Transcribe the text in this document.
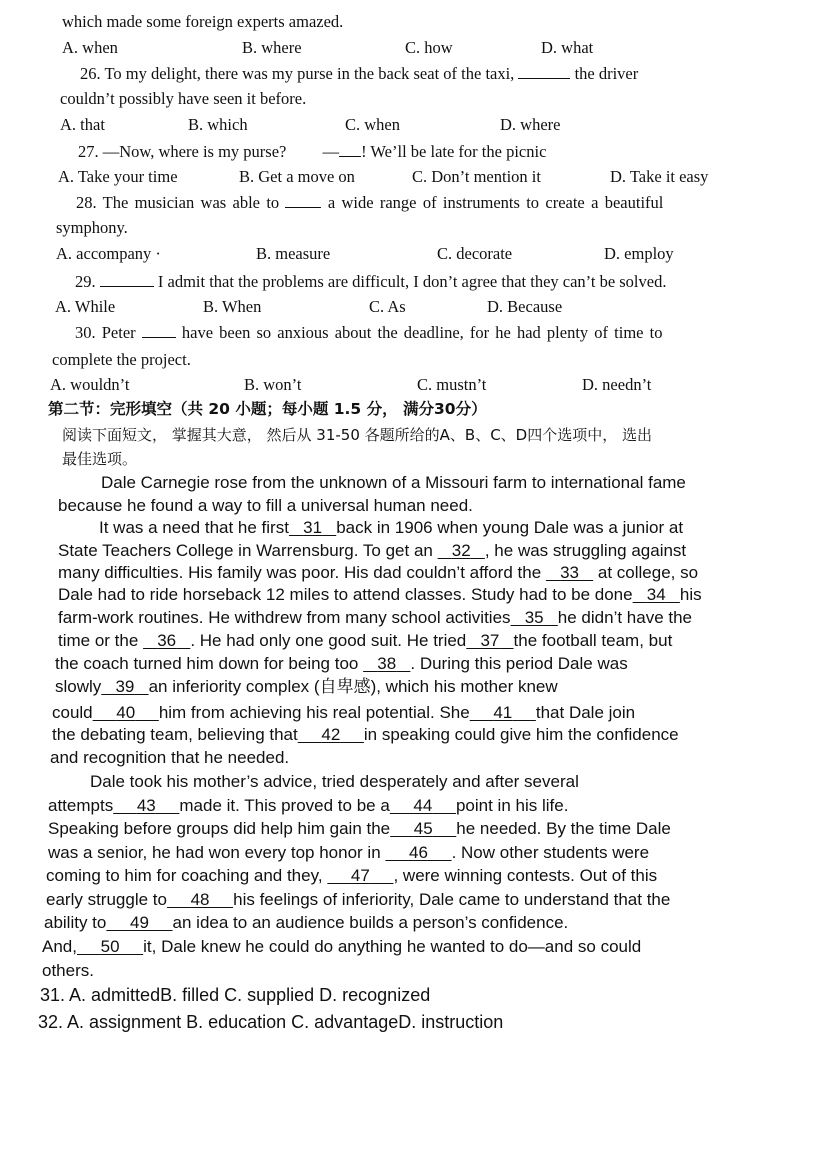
which made some foreign experts amazed.
A. when	B. where	C. how	D. what
26. To my delight, there was my purse in the back seat of the taxi,	the driver
couldn’t possibly have seen it before.
A. that	B. which	C. when	D. where
27. —Now, where is my purse? — ! We’ll be late for the picnic
A. Take your time	B. Get a move on	C. Don’t mention it	D. Take it easy
28. The musician was able to	a wide range of instruments to create a beautiful
symphony.
A. accompany ·	B. measure	C. decorate	D. employ
29.	I admit that the problems are difficult, I don’t agree that they can’t be solved.
A. While	B. When	C. As	D. Because
30. Peter	have been so anxious about the deadline, for he had plenty of time to
complete the project.
A. wouldn’t	B. won’t	C. mustn’t	D. needn’t
第二节：完形填空（共 20 小题；每小题 1.5 分， 满分30分）
阅读下面短文， 掌握其大意， 然后从 31-50 各题所给的A、B、C、D四个选项中， 选出
最佳选项。
Dale Carnegie rose from the unknown of a Missouri farm to international fame
because he found a way to fill a universal human need.
It was a need that he first 31 back in 1906 when young Dale was a junior at
State Teachers College in Warrensburg. To get an 32 , he was struggling against
many difficulties. His family was poor. His dad couldn’t afford the 33 at college, so
Dale had to ride horseback 12 miles to attend classes. Study had to be done 34 his
farm-work routines. He withdrew from many school activities 35 he didn’t have the
time or the 36 . He had only one good suit. He tried 37 the football team, but
the coach turned him down for being too 38 . During this period Dale was
slowly 39 an inferiority complex (自卑感), which his mother knew
could 40 him from achieving his real potential. She 41 that Dale join
the debating team, believing that 42 in speaking could give him the confidence
and recognition that he needed.
Dale took his mother’s advice, tried desperately and after several
attempts 43 made it. This proved to be a 44 point in his life.
Speaking before groups did help him gain the 45 he needed. By the time Dale
was a senior, he had won every top honor in 46 . Now other students were
coming to him for coaching and they, 47 , were winning contests. Out of this
early struggle to 48 his feelings of inferiority, Dale came to understand that the
ability to 49 an idea to an audience builds a person’s confidence.
And, 50 it, Dale knew he could do anything he wanted to do—and so could
others.
31. A. admittedB. filled C. supplied D. recognized
32. A. assignment B. education C. advantageD. instruction
